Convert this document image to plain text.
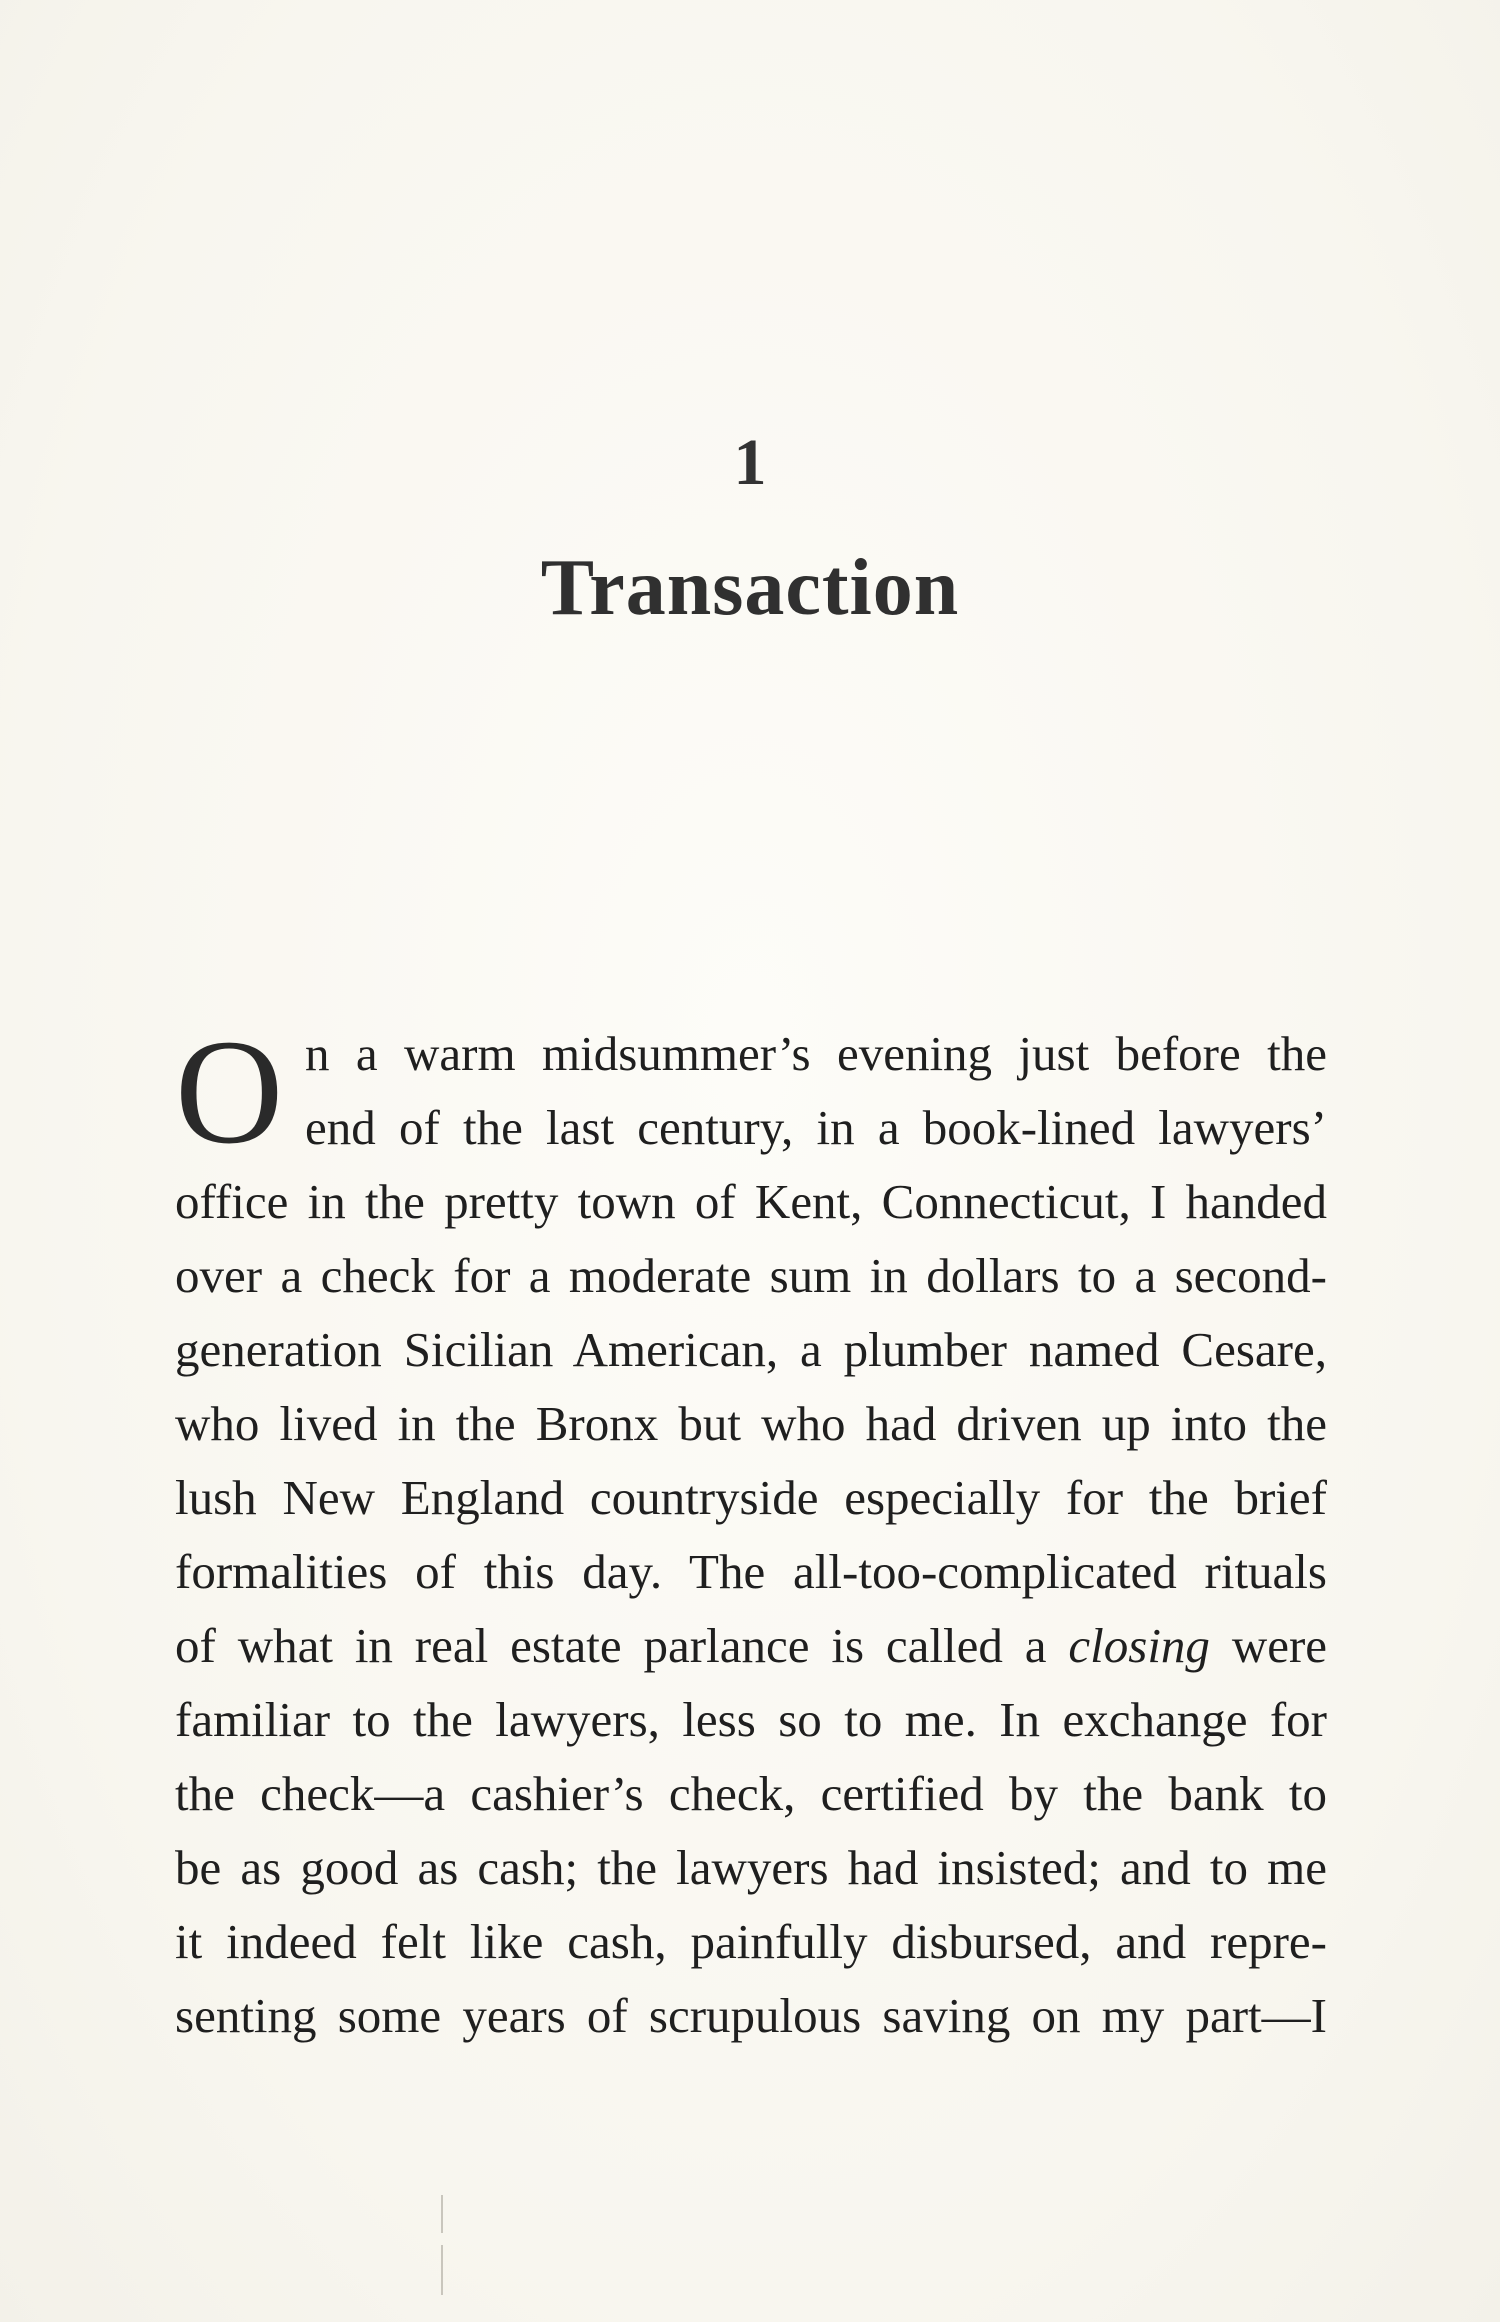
1
Transaction
O n a warm midsummer’s evening just before the
end of the last century, in a book-lined lawyers’
office in the pretty town of Kent, Connecticut, I handed
over a check for a moderate sum in dollars to a second-
generation Sicilian American, a plumber named Cesare,
who lived in the Bronx but who had driven up into the
lush New England countryside especially for the brief
formalities of this day. The all-too-complicated rituals
of what in real estate parlance is called a closing were
familiar to the lawyers, less so to me. In exchange for
the check—a cashier’s check, certified by the bank to
be as good as cash; the lawyers had insisted; and to me
it indeed felt like cash, painfully disbursed, and repre-
senting some years of scrupulous saving on my part—I
